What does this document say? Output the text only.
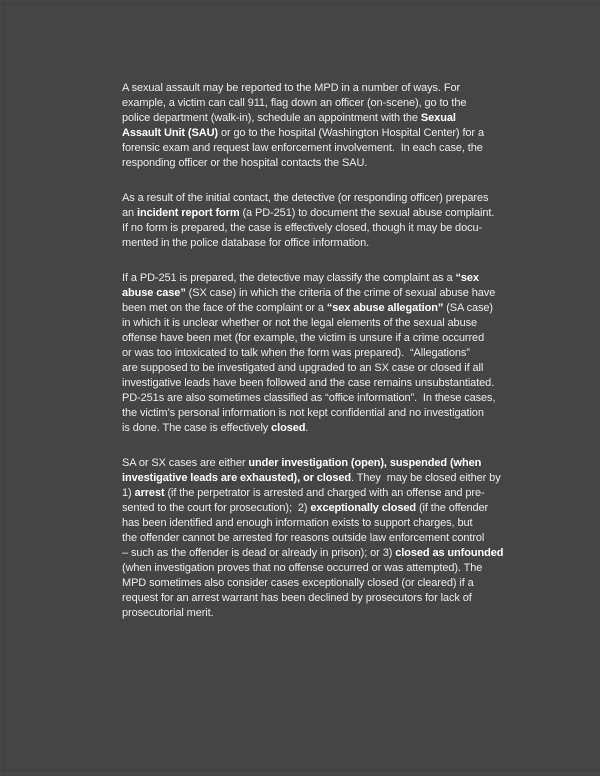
A sexual assault may be reported to the MPD in a number of ways. For
example, a victim can call 911, flag down an officer (on-scene), go to the
police department (walk-in), schedule an appointment with the Sexual
Assault Unit (SAU) or go to the hospital (Washington Hospital Center) for a
forensic exam and request law enforcement involvement.  In each case, the
responding officer or the hospital contacts the SAU.
As a result of the initial contact, the detective (or responding officer) prepares
an incident report form (a PD-251) to document the sexual abuse complaint.
If no form is prepared, the case is effectively closed, though it may be docu-
mented in the police database for office information.
If a PD-251 is prepared, the detective may classify the complaint as a “sex
abuse case” (SX case) in which the criteria of the crime of sexual abuse have
been met on the face of the complaint or a “sex abuse allegation” (SA case)
in which it is unclear whether or not the legal elements of the sexual abuse
offense have been met (for example, the victim is unsure if a crime occurred
or was too intoxicated to talk when the form was prepared).  “Allegations”
are supposed to be investigated and upgraded to an SX case or closed if all
investigative leads have been followed and the case remains unsubstantiated.
PD-251s are also sometimes classified as “office information”.  In these cases,
the victim’s personal information is not kept confidential and no investigation
is done. The case is effectively closed.
SA or SX cases are either under investigation (open), suspended (when
investigative leads are exhausted), or closed. They  may be closed either by
1) arrest (if the perpetrator is arrested and charged with an offense and pre-
sented to the court for prosecution);  2) exceptionally closed (if the offender
has been identified and enough information exists to support charges, but
the offender cannot be arrested for reasons outside law enforcement control
– such as the offender is dead or already in prison); or 3) closed as unfounded
(when investigation proves that no offense occurred or was attempted). The
MPD sometimes also consider cases exceptionally closed (or cleared) if a
request for an arrest warrant has been declined by prosecutors for lack of
prosecutorial merit.
